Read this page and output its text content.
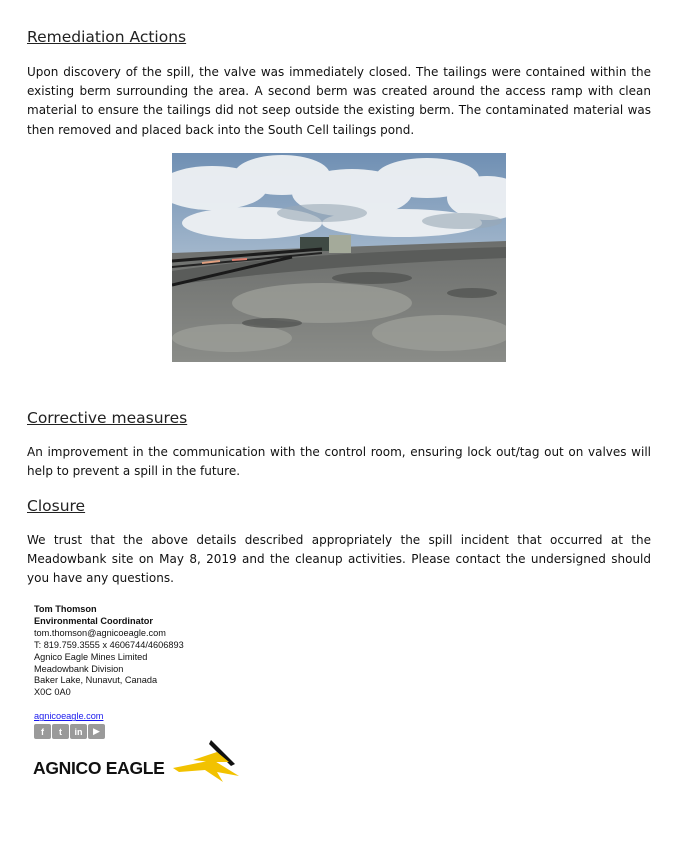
Remediation Actions

Upon discovery of the spill, the valve was immediately closed. The tailings were contained within the existing berm surrounding the area. A second berm was created around the access ramp with clean material to ensure the tailings did not seep outside the existing berm. The contaminated material was then removed and placed back into the South Cell tailings pond.

Corrective measures

An improvement in the communication with the control room, ensuring lock out/tag out on valves will help to prevent a spill in the future.

Closure

We trust that the above details described appropriately the spill incident that occurred at the Meadowbank site on May 8, 2019 and the cleanup activities. Please contact the undersigned should you have any questions.

Tom Thomson
Environmental Coordinator
tom.thomson@agnicoeagle.com
T: 819.759.3555 x 4606744/4606893
Agnico Eagle Mines Limited
Meadowbank Division
Baker Lake, Nunavut, Canada
X0C 0A0
agnicoeagle.com
f	t	in	▶
AGNICO EAGLE
